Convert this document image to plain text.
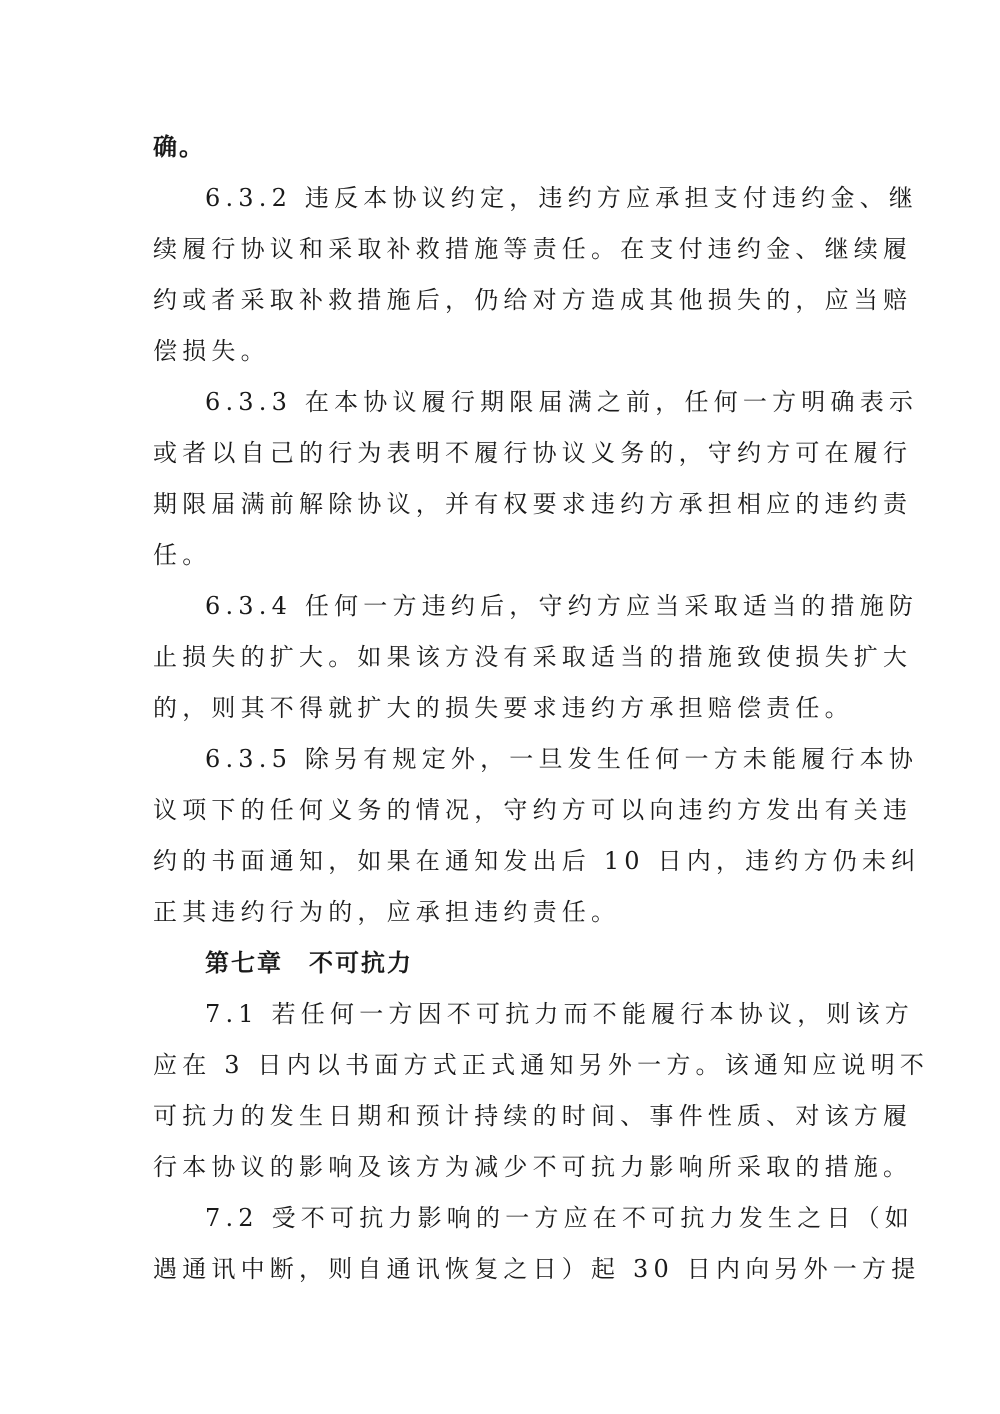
确。
6.3.2 违反本协议约定，违约方应承担支付违约金、继
续履行协议和采取补救措施等责任。在支付违约金、继续履
约或者采取补救措施后，仍给对方造成其他损失的，应当赔
偿损失。
6.3.3 在本协议履行期限届满之前，任何一方明确表示
或者以自己的行为表明不履行协议义务的，守约方可在履行
期限届满前解除协议，并有权要求违约方承担相应的违约责
任。
6.3.4 任何一方违约后，守约方应当采取适当的措施防
止损失的扩大。如果该方没有采取适当的措施致使损失扩大
的，则其不得就扩大的损失要求违约方承担赔偿责任。
6.3.5 除另有规定外，一旦发生任何一方未能履行本协
议项下的任何义务的情况，守约方可以向违约方发出有关违
约的书面通知，如果在通知发出后 10 日内，违约方仍未纠
正其违约行为的，应承担违约责任。
第七章　不可抗力
7.1 若任何一方因不可抗力而不能履行本协议，则该方
应在 3 日内以书面方式正式通知另外一方。该通知应说明不
可抗力的发生日期和预计持续的时间、事件性质、对该方履
行本协议的影响及该方为减少不可抗力影响所采取的措施。
7.2 受不可抗力影响的一方应在不可抗力发生之日（如
遇通讯中断，则自通讯恢复之日）起 30 日内向另外一方提
